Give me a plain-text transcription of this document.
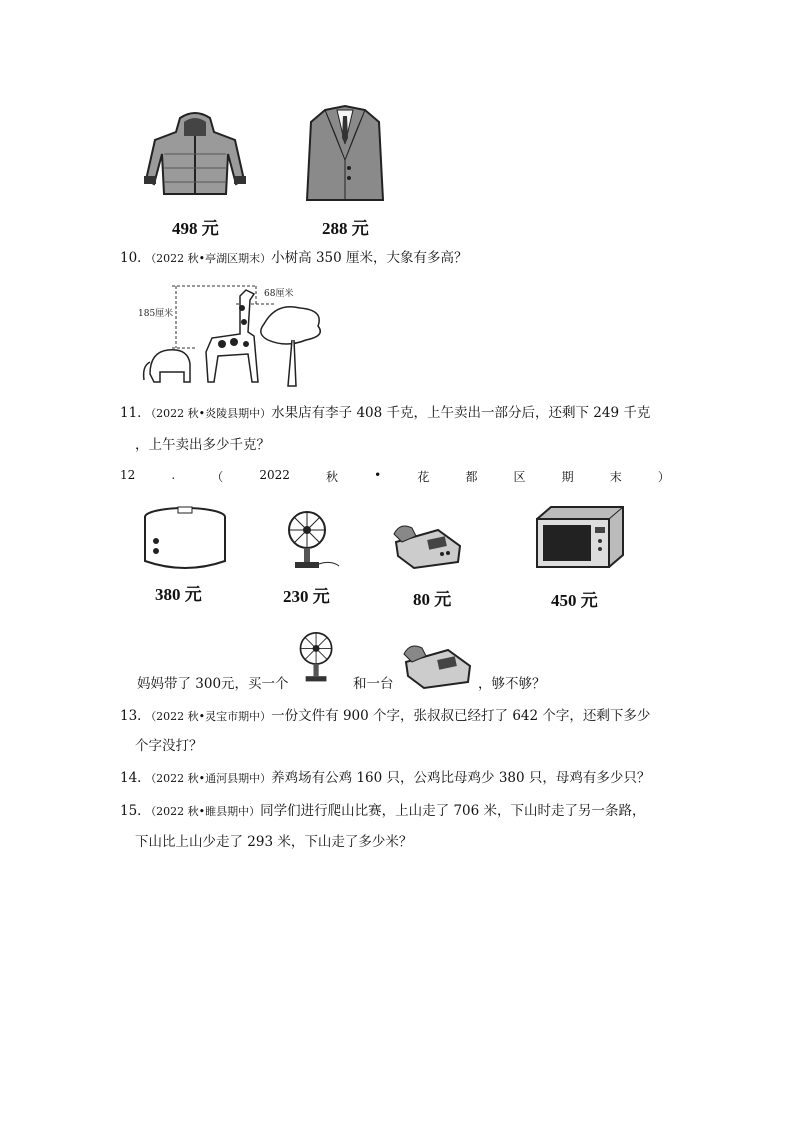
498 元	288 元
10．（2022 秋•亭湖区期末）小树高 350 厘米，大象有多高？
185厘米
68厘米
11．（2022 秋•炎陵县期中）水果店有李子 408 千克，上午卖出一部分后，还剩下 249 千克
，上午卖出多少千克？
12	.	（	2022	秋	•	花	都	区	期	末	）
380 元	230 元	80 元	450 元
妈妈带了 300元，买一个	和一台	，够不够？
13．（2022 秋•灵宝市期中）一份文件有 900 个字，张叔叔已经打了 642 个字，还剩下多少
个字没打？
14．（2022 秋•通河县期中）养鸡场有公鸡 160 只，公鸡比母鸡少 380 只，母鸡有多少只？
15．（2022 秋•睢县期中）同学们进行爬山比赛，上山走了 706 米，下山时走了另一条路，
下山比上山少走了 293 米，下山走了多少米？
